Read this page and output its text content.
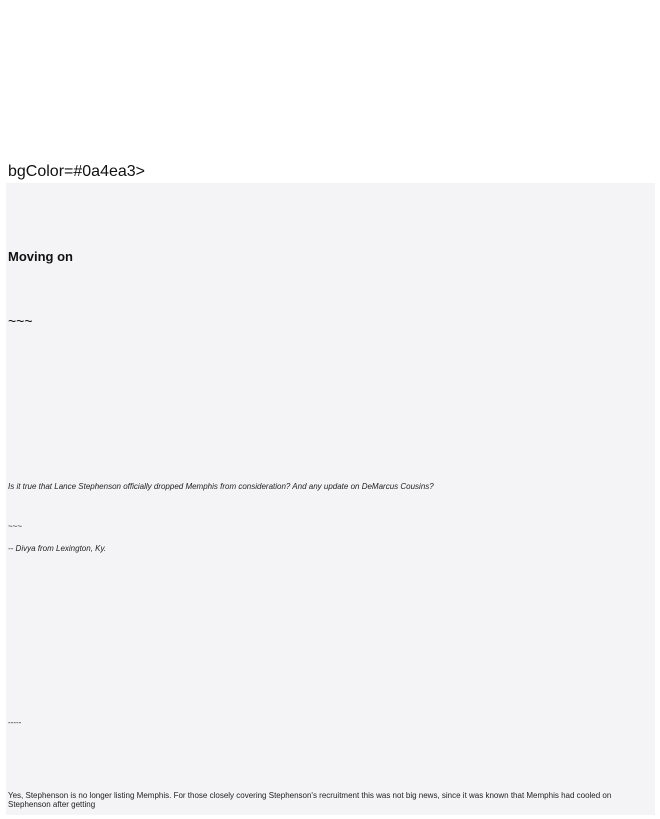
bgColor=#0a4ea3>
Moving on
~~~
Is it true that Lance Stephenson officially dropped Memphis from consideration? And any update on DeMarcus Cousins?
~~~
-- Divya from Lexington, Ky.
-----
Yes, Stephenson is no longer listing Memphis. For those closely covering Stephenson's recruitment this was not big news, since it was known that Memphis had cooled on Stephenson after getting
